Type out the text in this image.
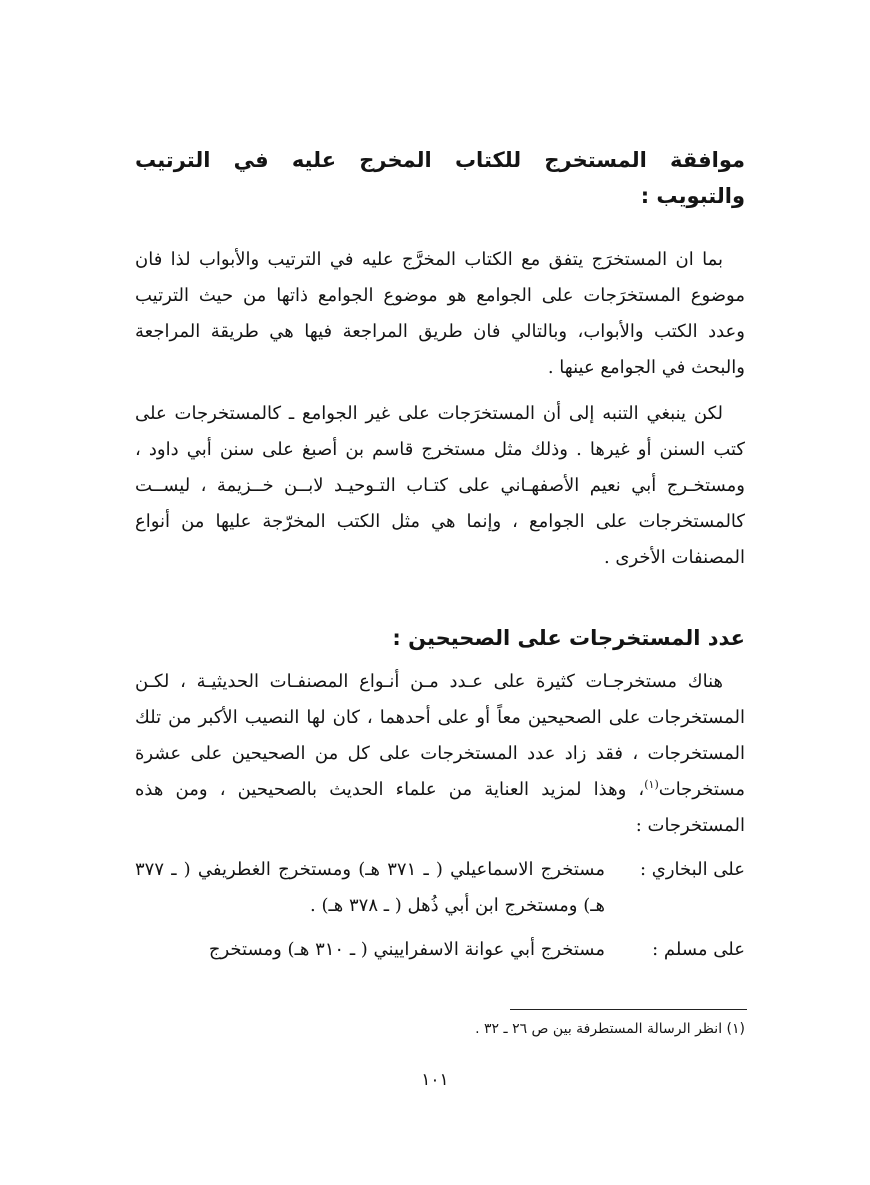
موافقة المستخرج للكتاب المخرج عليه في الترتيب والتبويب :

بما ان المستخرَج يتفق مع الكتاب المخرَّج عليه في الترتيب والأبواب لذا فان موضوع المستخرَجات على الجوامع هو موضوع الجوامع ذاتها من حيث الترتيب وعدد الكتب والأبواب، وبالتالي فان طريق المراجعة فيها هي طريقة المراجعة والبحث في الجوامع عينها .

لكن ينبغي التنبه إلى أن المستخرَجات على غير الجوامع ـ كالمستخرجات على كتب السنن أو غيرها . وذلك مثل مستخرج قاسم بن أصبغ على سنن أبي داود ، ومستخـرج أبي نعيم الأصفهـاني على كتـاب التـوحيـد لابــن خــزيمة ، ليســت كالمستخرجات على الجوامع ، وإنما هي مثل الكتب المخرّجة عليها من أنواع المصنفات الأخرى .

عدد المستخرجات على الصحيحين :

هناك مستخرجـات كثيرة على عـدد مـن أنـواع المصنفـات الحديثيـة ، لكـن المستخرجات على الصحيحين معاً أو على أحدهما ، كان لها النصيب الأكبر من تلك المستخرجات ، فقد زاد عدد المستخرجات على كل من الصحيحين على عشرة مستخرجات$^{(١)}$، وهذا لمزيد العناية من علماء الحديث بالصحيحين ، ومن هذه المستخرجات :

على البخاري :
مستخرج الاسماعيلي ( ـ ٣٧١ هـ) ومستخرج الغطريفي ( ـ ٣٧٧ هـ) ومستخرج ابن أبي ذُهل ( ـ ٣٧٨ هـ) .
على مسلم :
مستخرج أبي عوانة الاسفراييني ( ـ ٣١٠ هـ) ومستخرج
(١) انظر الرسالة المستطرفة بين ص ٢٦ ـ ٣٢ .
١٠١
